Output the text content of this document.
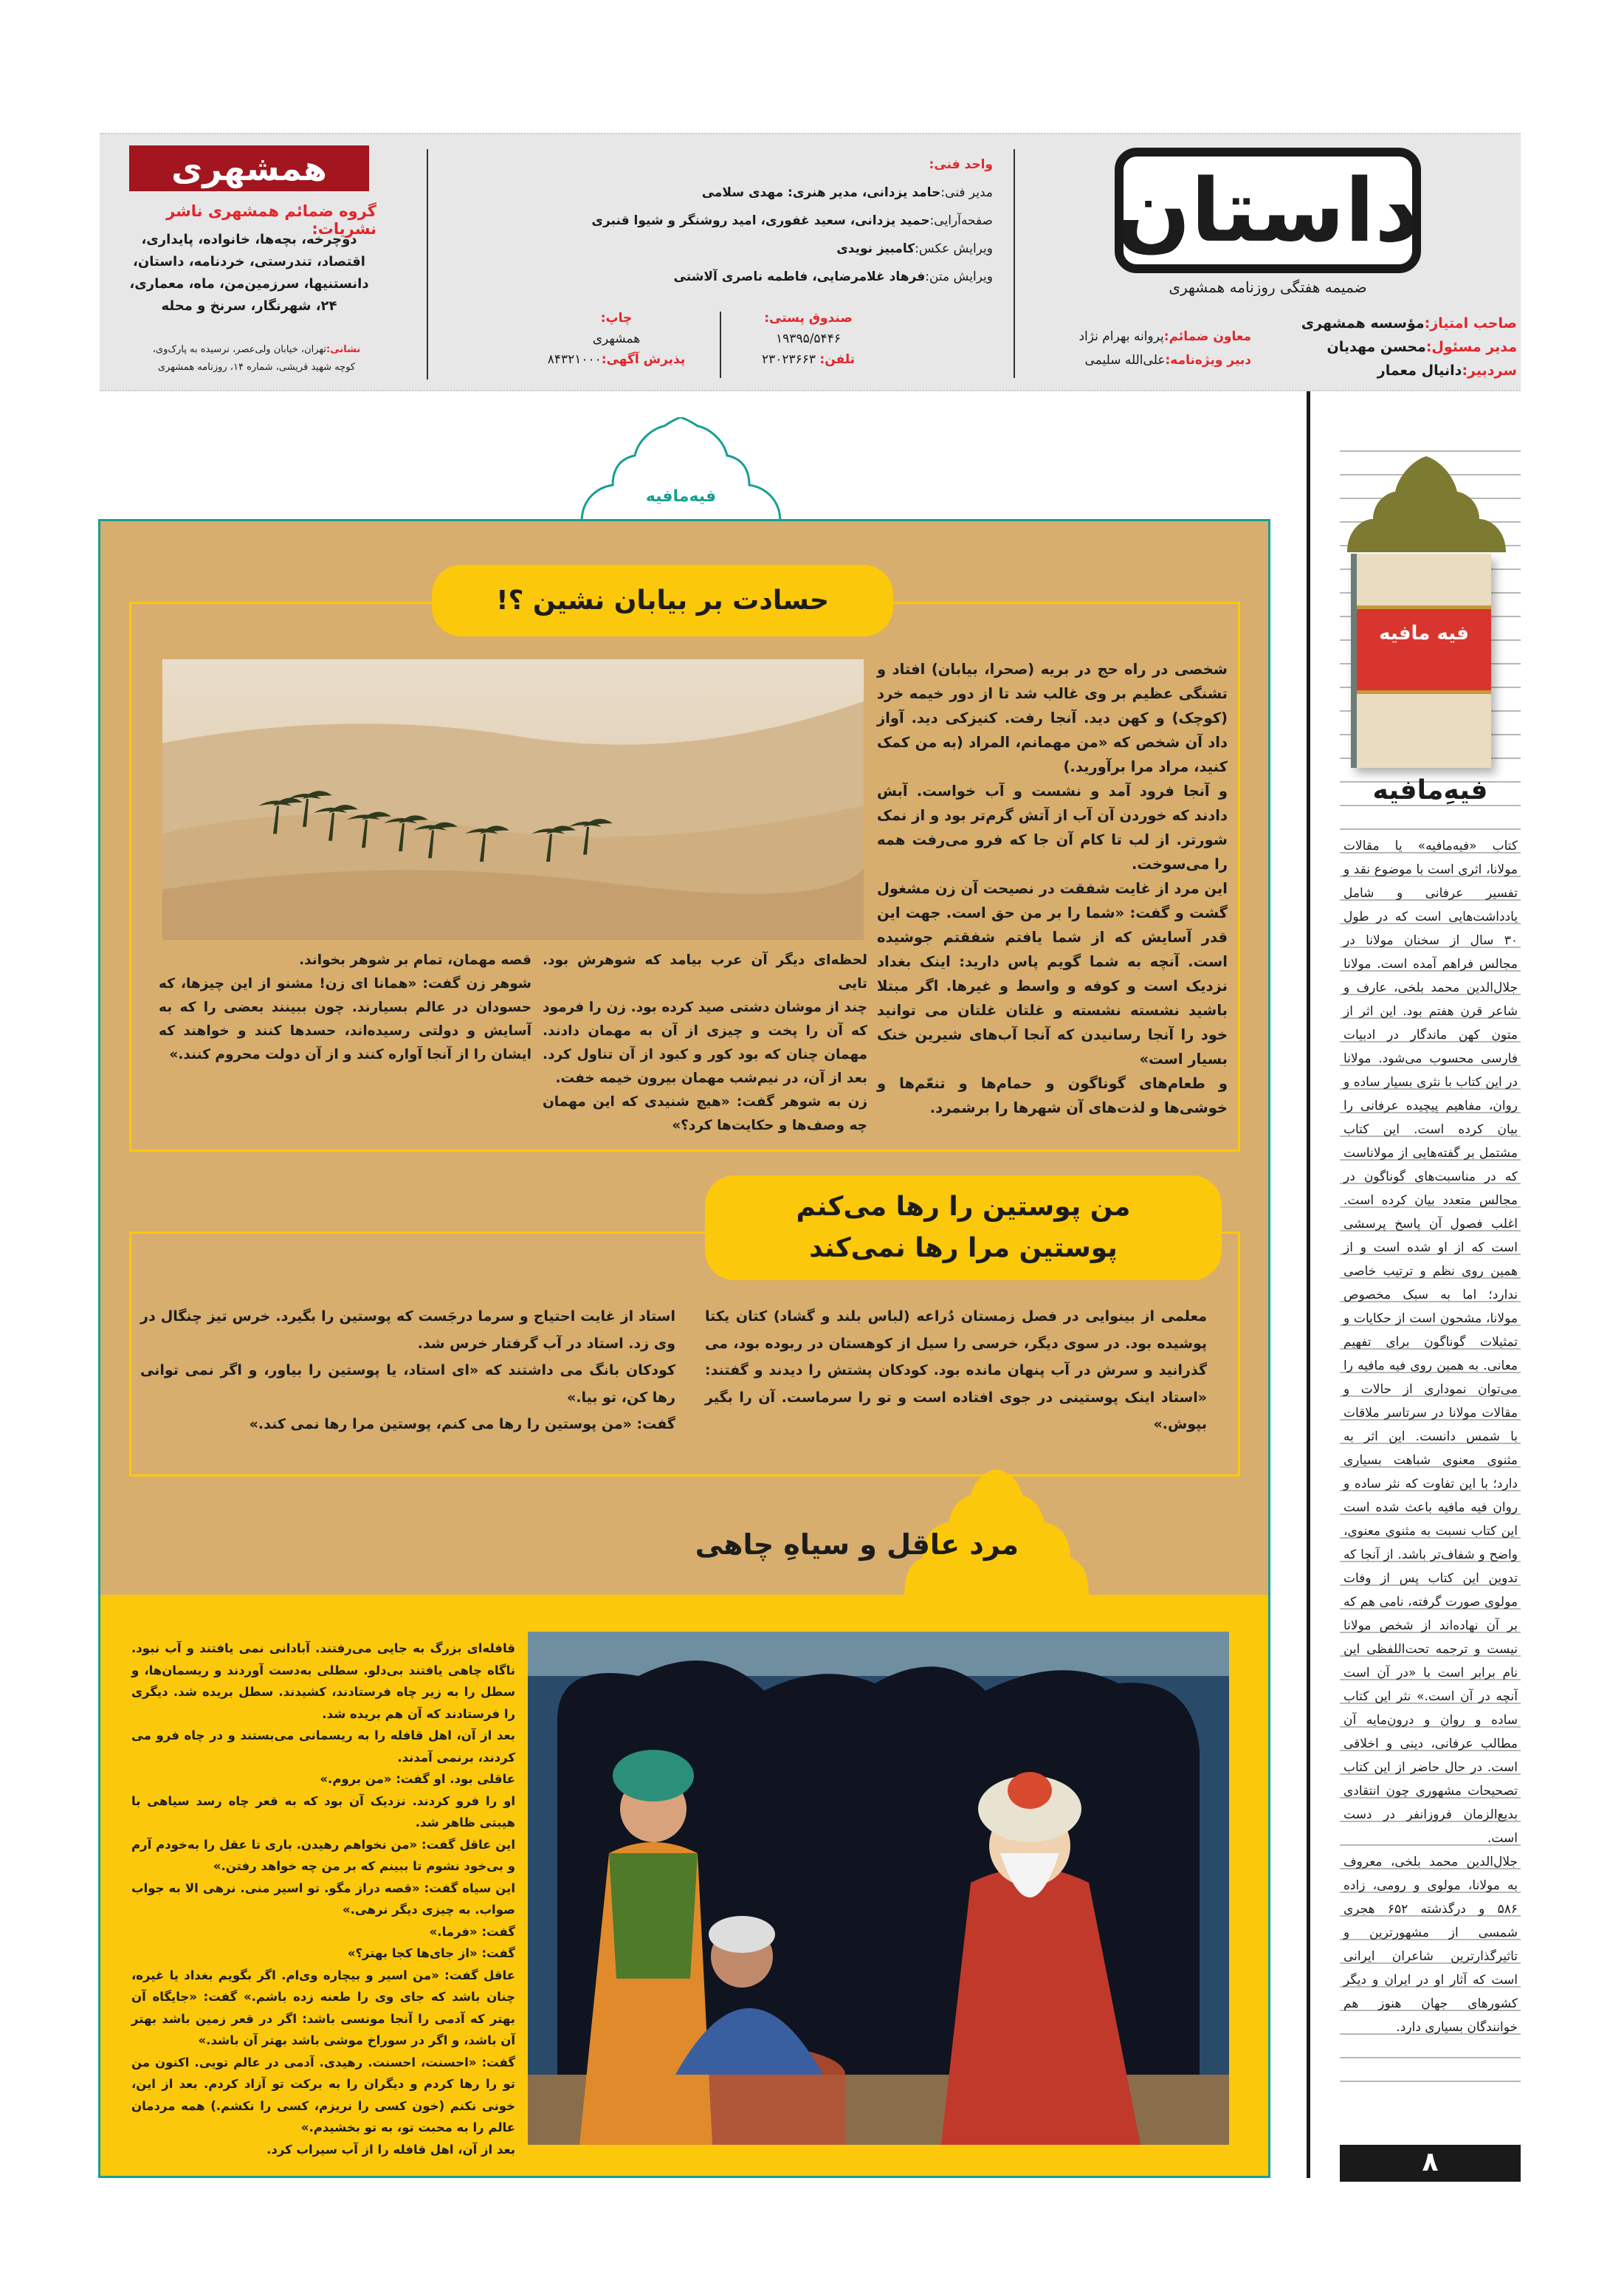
داستان
ضمیمه هفتگی روزنامه همشهری
صاحب امتیاز:مؤسسه همشهری
مدیر مسئول:محسن مهدیان
سردبیر:دانیال معمار
معاون ضمائم:پروانه بهرام نژاد
دبیر ویژه‌نامه:علی‌الله سلیمی
واحد فنی:
مدیر فنی:حامد یزدانی، مدیر هنری: مهدی سلامی
صفحه‌آرایی:حمید یزدانی، سعید غفوری، امید روشنگر و شیوا قنبری
ویرایش عکس:کامبیز نویدی
ویرایش متن:فرهاد غلامرضایی، فاطمه ناصری آلاشتی
صندوق پستی:
۱۹۳۹۵/۵۴۴۶
تلفن: ۲۳۰۲۳۶۶۳
چاپ:
همشهری
پذیرش آگهی:۸۴۳۲۱۰۰۰
همشهری
گروه ضمائم همشهری ناشر نشریات:
دوچرخه، بچه‌ها، خانواده، پایداری، اقتصاد، تندرستی، خردنامه، داستان، دانستنیها، سرزمین‌من، ماه، معماری، ۲۴، شهرنگار، سرنخ و محله
نشانی:تهران، خیابان ولی‌عصر، نرسیده به پارک‌وی، کوچه شهید قریشی، شماره ۱۴، روزنامه همشهری
فیه مافیه
فیهِ‌مافیه

کتاب «فیه‌مافیه» یا مقالات مولانا، اثری است با موضوع نقد و تفسیر عرفانی و شامل یادداشت‌هایی است که در طول ۳۰ سال از سخنان مولانا در مجالس فراهم آمده است. مولانا جلال‌الدین محمد بلخی، عارف و شاعر قرن هفتم بود. این اثر از متون کهن ماندگار در ادبیات فارسی محسوب می‌شود. مولانا در این کتاب با نثری بسیار ساده و روان، مفاهیم پیچیده عرفانی را بیان کرده است. این کتاب مشتمل بر گفته‌هایی از مولاناست که در مناسبت‌های گوناگون در مجالس متعدد بیان کرده است. اغلب فصول آن پاسخ پرسشی است که از او شده است و از همین روی نظم و ترتیب خاصی ندارد؛ اما به سبک مخصوص مولانا، مشحون است از حکایات و تمثیلات گوناگون برای تفهیم معانی. به همین روی فیه مافیه را می‌توان نموداری از حالات و مقالات مولانا در سرتاسر ملاقات با شمس دانست. این اثر به مثنوی معنوی شباهت بسیاری دارد؛ با این تفاوت که نثر ساده و روان فیه مافیه باعث شده است این کتاب نسبت به مثنوی معنوی، واضح و شفاف‌تر باشد. از آنجا که تدوین این کتاب پس از وفات مولوی صورت گرفته، نامی هم که بر آن نهاده‌اند از شخص مولانا نیست و ترجمه تحت‌اللفظی این نام برابر است با «در آن است آنچه در آن است.» نثر این کتاب ساده و روان و درون‌مایه آن مطالب عرفانی، دینی و اخلاقی است. در حال حاضر از این کتاب تصحیحات مشهوری چون انتقادی بدیع‌الزمان فروزانفر در دست است.

جلال‌الدین محمد بلخی، معروف به مولانا، مولوی و رومی، زاده ۵۸۶ و درگذشته ۶۵۲ هجری شمسی از مشهورترین و تاثیرگذارترین شاعران ایرانی است که آثار او در ایران و دیگر کشورهای جهان هنوز هم خوانندگان بسیاری دارد.

۸
فیه‌مافیه
حسادت بر بیابان نشین ؟!

شخصی در راه حج در بریه (صحرا، بیابان) افتاد و تشنگی عظیم بر وی غالب شد تا از دور خیمه خرد (کوچک) و کهن دید. آنجا رفت. کنیزکی دید. آواز داد آن شخص که «من مهمانم، المراد (به من کمک کنید، مراد مرا برآورید.)

و آنجا فرود آمد و نشست و آب خواست. آبش دادند که خوردن آن آب از آتش گرم‌تر بود و از نمک شورتر. از لب تا کام آن جا که فرو می‌رفت همه را می‌سوخت.

این مرد از غایت شفقت در نصیحت آن زن مشغول گشت و گفت: «شما را بر من حق است. جهت این قدر آسایش که از شما یافتم شفقتم جوشیده است. آنچه به شما گویم پاس دارید: اینک بغداد نزدیک است و کوفه و واسط و غیرها. اگر مبتلا باشید نشسته نشسته و غلتان غلتان می توانید خود را آنجا رسانیدن که آنجا آب‌های شیرین خنک بسیار است»

و طعام‌های گوناگون و حمام‌ها و تنعّم‌ها و خوشی‌ها و لذت‌های آن شهرها را برشمرد.

لحظه‌ای دیگر آن عرب بیامد که شوهرش بود. تایی

چند از موشان دشتی صید کرده بود. زن را فرمود که آن را پخت و چیزی از آن به مهمان دادند. مهمان چنان که بود کور و کبود از آن تناول کرد. بعد از آن، در نیم‌شب مهمان بیرون خیمه خفت.

زن به شوهر گفت: «هیچ شنیدی که این مهمان چه وصف‌ها و حکایت‌ها کرد؟»

قصه مهمان، تمام بر شوهر بخواند.

شوهر زن گفت: «همانا ای زن! مشنو از این چیزها، که حسودان در عالم بسیارند. چون ببینند بعضی را که به آسایش و دولتی رسیده‌اند، حسدها کنند و خواهند که ایشان را از آنجا آواره کنند و از آن دولت محروم کنند.»

من پوستین را رها می‌کنم
پوستین مرا رها نمی‌کند

معلمی از بینوایی در فصل زمستان دُراعه (لباس بلند و گشاد) کتان یکتا پوشیده بود. در سوی دیگر، خرسی را سیل از کوهستان در ربوده بود، می گذرانید و سرش در آب پنهان مانده بود. کودکان پشتش را دیدند و گفتند: «استاد اینک پوستینی در جوی افتاده است و تو را سرماست. آن را بگیر بپوش.»

استاد از غایت احتیاج و سرما درجَست که پوستین را بگیرد. خرس تیز چنگال در وی زد. استاد در آب گرفتار خرس شد.

کودکان بانگ می داشتند که «ای استاد، یا پوستین را بیاور، و اگر نمی توانی رها کن، تو بیا.»

گفت: «من پوستین را رها می کنم، پوستین مرا رها نمی کند.»

مرد عاقل و سیاهِ چاهی

قافله‌ای بزرگ به جایی می‌رفتند. آبادانی نمی یافتند و آب نبود. ناگاه چاهی یافتند بی‌دلو. سطلی به‌دست آوردند و ریسمان‌ها، و سطل را به زیر چاه فرستادند، کشیدند. سطل بریده شد. دیگری را فرستادند که آن هم بریده شد.

بعد از آن، اهل قافله را به ریسمانی می‌بستند و در چاه فرو می کردند، برنمی آمدند.

عاقلی بود. او گفت: «من بروم.»

او را فرو کردند. نزدیک آن بود که به قعر چاه رسد سیاهی با هیبتی ظاهر شد.

این عاقل گفت: «من نخواهم رهیدن. باری تا عقل را به‌خودم آرم و بی‌خود نشوم تا ببینم که بر من چه خواهد رفتن.»

این سیاه گفت: «قصه دراز مگو. تو اسیر منی. نرهی الا به جواب صواب. به چیزی دیگر نرهی.»

گفت: «فرما.»

گفت: «از جای‌ها کجا بهتر؟»

عاقل گفت: «من اسیر و بیچاره وی‌ام. اگر بگویم بغداد یا غیره، چنان باشد که جای وی را طعنه زده باشم.» گفت: «جایگاه آن بهتر که آدمی را آنجا مونسی باشد: اگر در قعر زمین باشد بهتر آن باشد، و اگر در سوراخ موشی باشد بهتر آن باشد.»

گفت: «احسنت، احسنت. رهیدی. آدمی در عالم تویی. اکنون من تو را رها کردم و دیگران را به برکت تو آزاد کردم. بعد از این، خونی نکنم (خون کسی را نریزم، کسی را نکشم.) همه مردمان عالم را به محبت تو، به تو بخشیدم.»

بعد از آن، اهل قافله را از آب سیراب کرد.
